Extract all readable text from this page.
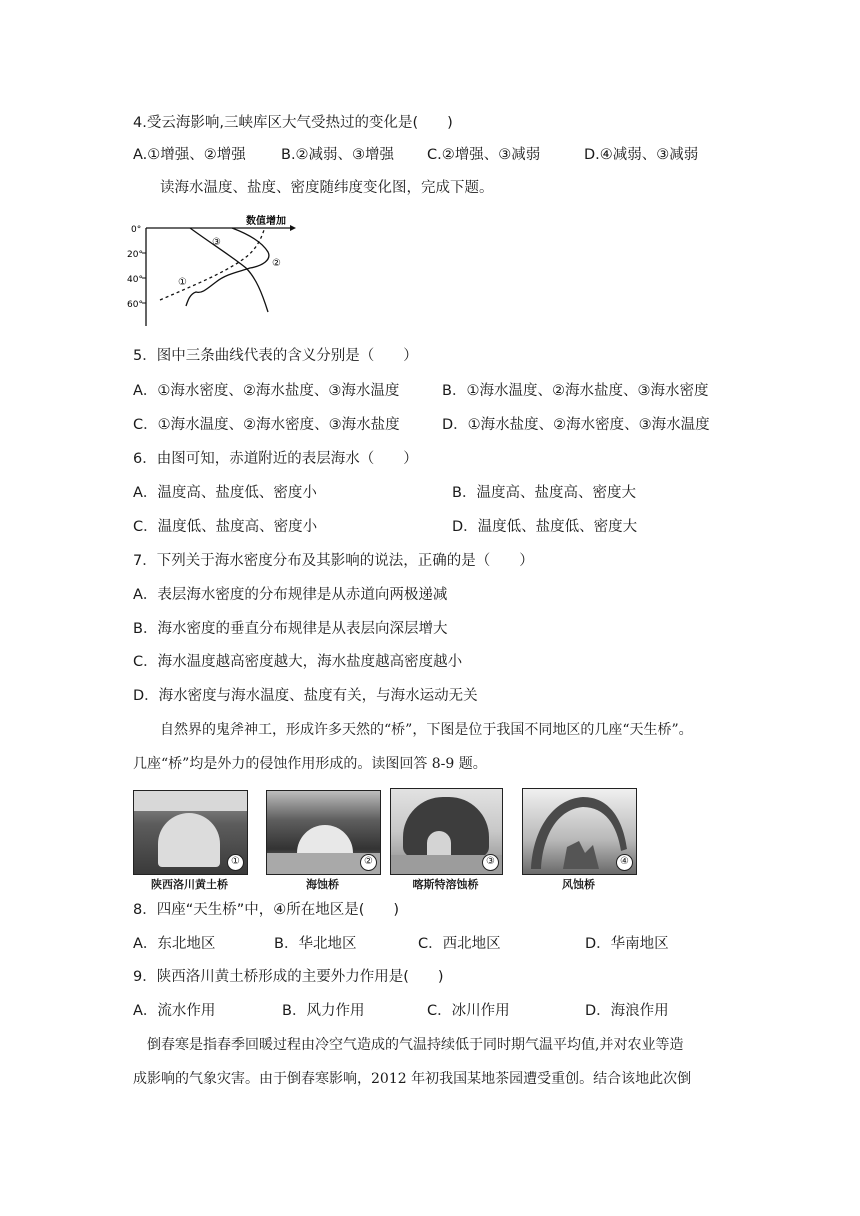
4.受云海影响,三峡库区大气受热过的变化是(　　)
A.①增强、②增强 B.②减弱、③增强 C.②增强、③减弱	D.④减弱、③减弱
读海水温度、盐度、密度随纬度变化图，完成下题。
数值增加
0°
20°
40°
60°
①
②
③
5．图中三条曲线代表的含义分别是（　　）
A．①海水密度、②海水盐度、③海水温度	B．①海水温度、②海水盐度、③海水密度
C．①海水温度、②海水密度、③海水盐度	D．①海水盐度、②海水密度、③海水温度
6．由图可知，赤道附近的表层海水（　　）
A．温度高、盐度低、密度小	B．温度高、盐度高、密度大
C．温度低、盐度高、密度小	D．温度低、盐度低、密度大
7．下列关于海水密度分布及其影响的说法，正确的是（　　）
A．表层海水密度的分布规律是从赤道向两极递减
B．海水密度的垂直分布规律是从表层向深层增大
C．海水温度越高密度越大，海水盐度越高密度越小
D．海水密度与海水温度、盐度有关，与海水运动无关
自然界的鬼斧神工，形成许多天然的“桥”，下图是位于我国不同地区的几座“天生桥”。
几座“桥”均是外力的侵蚀作用形成的。读图回答 8-9 题。
①
陕西洛川黄土桥
②
海蚀桥
③
喀斯特溶蚀桥
④
风蚀桥
8．四座“天生桥”中，④所在地区是(　　)
A．东北地区	B．华北地区	C．西北地区	D．华南地区
9．陕西洛川黄土桥形成的主要外力作用是(　　)
A．流水作用	B．风力作用	C．冰川作用	D．海浪作用
倒春寒是指春季回暖过程由冷空气造成的气温持续低于同时期气温平均值,并对农业等造
成影响的气象灾害。由于倒春寒影响，2012 年初我国某地茶园遭受重创。结合该地此次倒
